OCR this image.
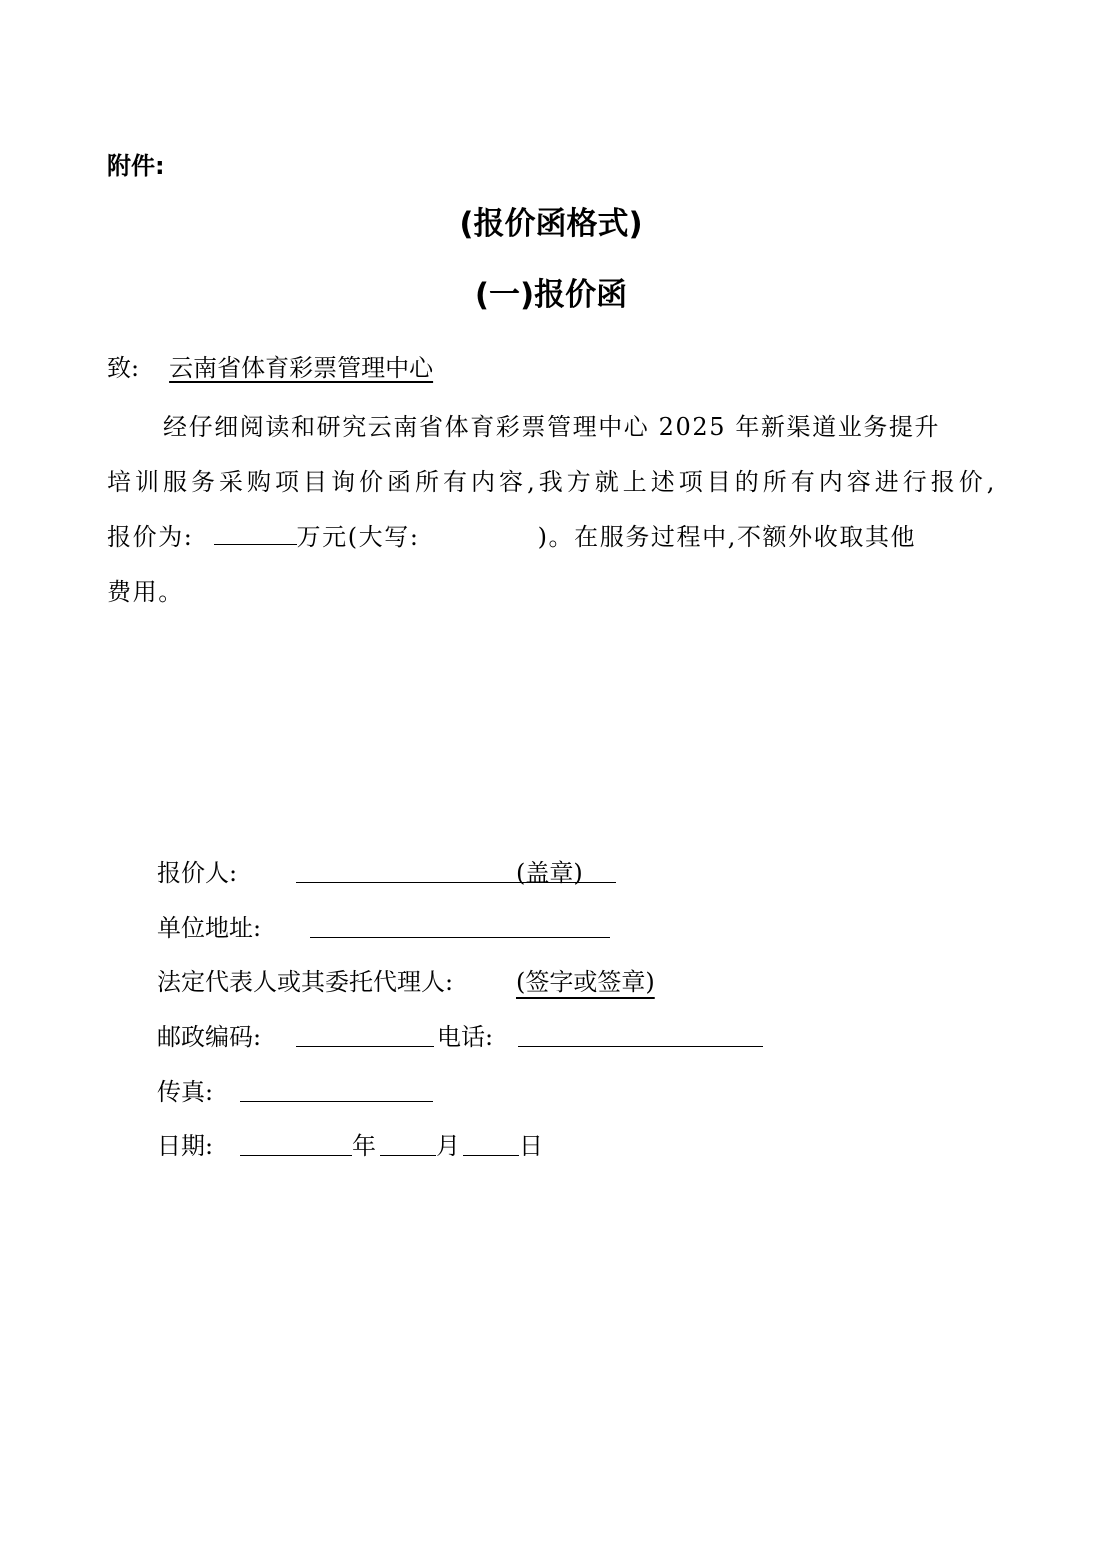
附件:
(报价函格式)
(一)报价函
致: 云南省体育彩票管理中心
经仔细阅读和研究云南省体育彩票管理中心 2025 年新渠道业务提升
培训服务采购项目询价函所有内容,我方就上述项目的所有内容进行报价,
报价为:	万元(大写:	)。在服务过程中,不额外收取其他
费用。
报价人:	(盖章)
单位地址:
法定代表人或其委托代理人:	(签字或签章)
邮政编码:	电话:
传真:
日期:	年	月 日
